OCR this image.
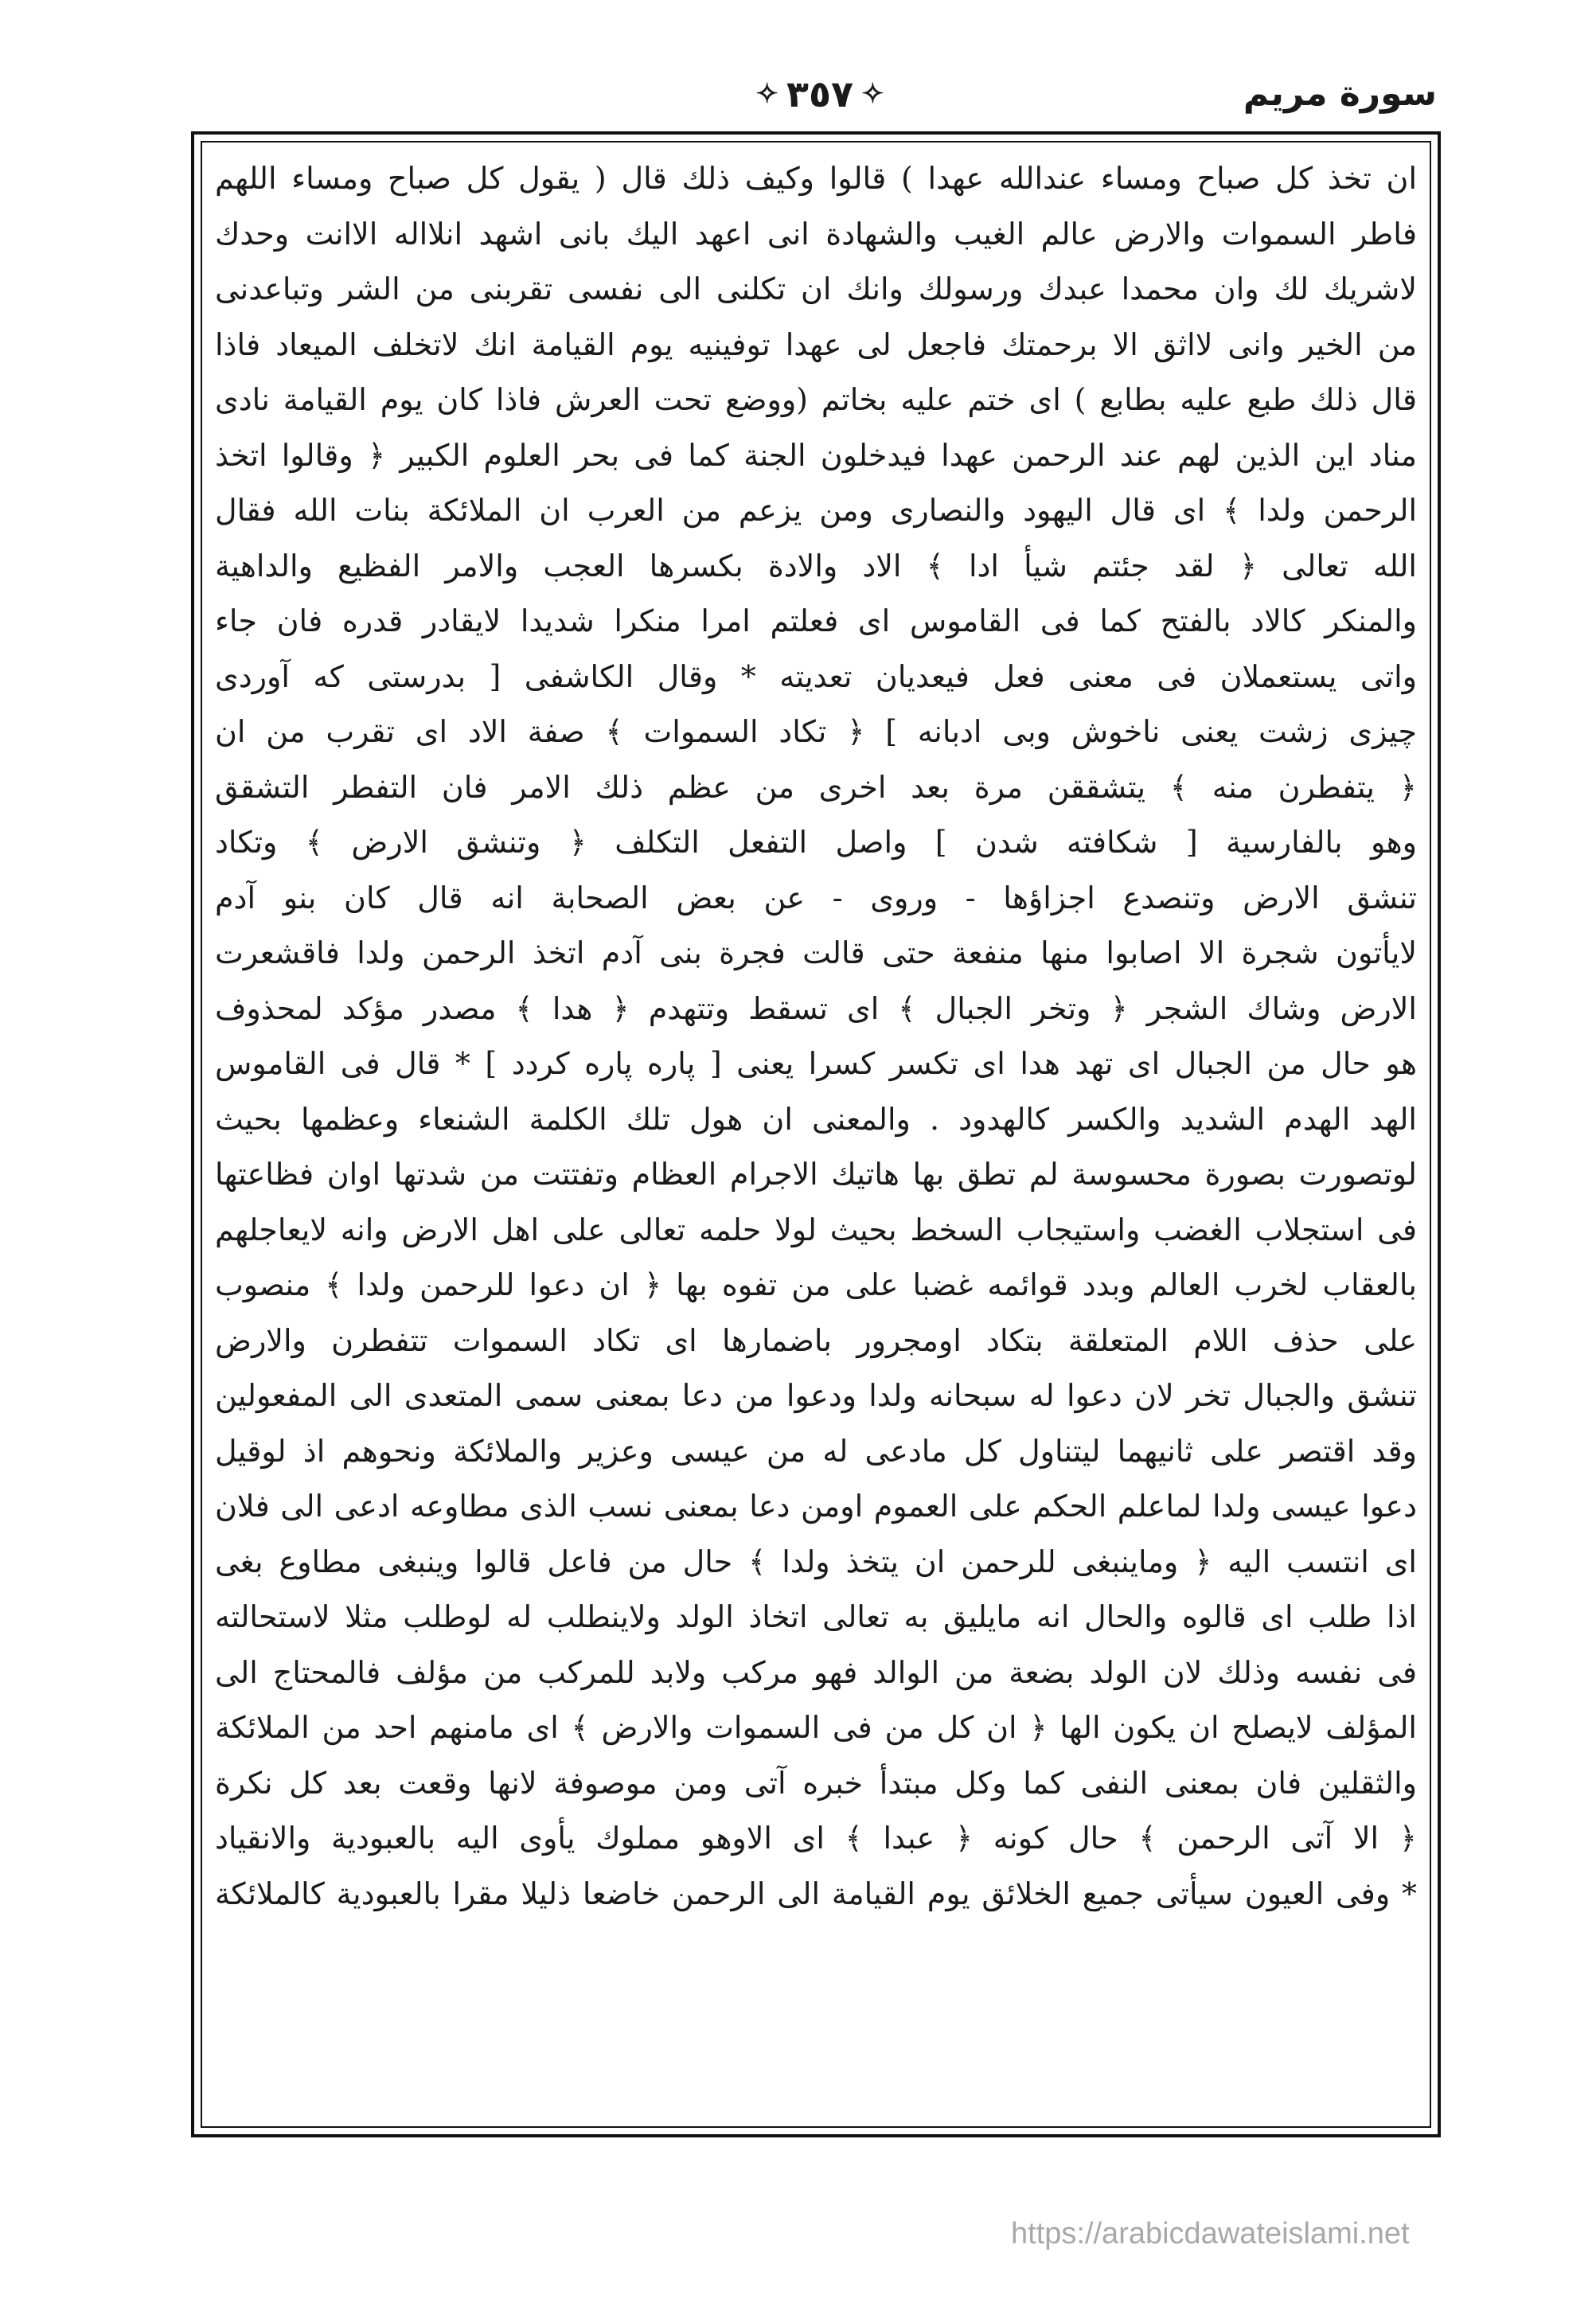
سورة مريم
✧ ٣٥٧ ✧
ان تخذ كل صباح ومساء عندالله عهدا ) قالوا وكيف ذلك قال ( يقول كل صباح ومساء اللهم
فاطر السموات والارض عالم الغيب والشهادة انى اعهد اليك بانى اشهد انلااله الاانت وحدك
لاشريك لك وان محمدا عبدك ورسولك وانك ان تكلنى الى نفسى تقربنى من الشر وتباعدنى
من الخير وانى لااثق الا برحمتك فاجعل لى عهدا توفينيه يوم القيامة انك لاتخلف الميعاد فاذا
قال ذلك طبع عليه بطابع ) اى ختم عليه بخاتم (ووضع تحت العرش فاذا كان يوم القيامة نادى
مناد اين الذين لهم عند الرحمن عهدا فيدخلون الجنة كما فى بحر العلوم الكبير ﴿ وقالوا اتخذ
الرحمن ولدا ﴾ اى قال اليهود والنصارى ومن يزعم من العرب ان الملائكة بنات الله فقال
الله تعالى ﴿ لقد جئتم شيأ ادا ﴾ الاد والادة بكسرها العجب والامر الفظيع والداهية
والمنكر كالاد بالفتح كما فى القاموس اى فعلتم امرا منكرا شديدا لايقادر قدره فان جاء
واتى يستعملان فى معنى فعل فيعديان تعديته * وقال الكاشفى [ بدرستى كه آوردى
چيزى زشت يعنى ناخوش وبى ادبانه ] ﴿ تكاد السموات ﴾ صفة الاد اى تقرب من ان
﴿ يتفطرن منه ﴾ يتشققن مرة بعد اخرى من عظم ذلك الامر فان التفطر التشقق
وهو بالفارسية [ شكافته شدن ] واصل التفعل التكلف ﴿ وتنشق الارض ﴾ وتكاد
تنشق الارض وتنصدع اجزاؤها - وروى - عن بعض الصحابة انه قال كان بنو آدم
لايأتون شجرة الا اصابوا منها منفعة حتى قالت فجرة بنى آدم اتخذ الرحمن ولدا فاقشعرت
الارض وشاك الشجر ﴿ وتخر الجبال ﴾ اى تسقط وتتهدم ﴿ هدا ﴾ مصدر مؤكد لمحذوف
هو حال من الجبال اى تهد هدا اى تكسر كسرا يعنى [ پاره پاره كردد ] * قال فى القاموس
الهد الهدم الشديد والكسر كالهدود . والمعنى ان هول تلك الكلمة الشنعاء وعظمها بحيث
لوتصورت بصورة محسوسة لم تطق بها هاتيك الاجرام العظام وتفتتت من شدتها اوان فظاعتها
فى استجلاب الغضب واستيجاب السخط بحيث لولا حلمه تعالى على اهل الارض وانه لايعاجلهم
بالعقاب لخرب العالم وبدد قوائمه غضبا على من تفوه بها ﴿ ان دعوا للرحمن ولدا ﴾ منصوب
على حذف اللام المتعلقة بتكاد اومجرور باضمارها اى تكاد السموات تتفطرن والارض
تنشق والجبال تخر لان دعوا له سبحانه ولدا ودعوا من دعا بمعنى سمى المتعدى الى المفعولين
وقد اقتصر على ثانيهما ليتناول كل مادعى له من عيسى وعزير والملائكة ونحوهم اذ لوقيل
دعوا عيسى ولدا لماعلم الحكم على العموم اومن دعا بمعنى نسب الذى مطاوعه ادعى الى فلان
اى انتسب اليه ﴿ وماينبغى للرحمن ان يتخذ ولدا ﴾ حال من فاعل قالوا وينبغى مطاوع بغى
اذا طلب اى قالوه والحال انه مايليق به تعالى اتخاذ الولد ولاينطلب له لوطلب مثلا لاستحالته
فى نفسه وذلك لان الولد بضعة من الوالد فهو مركب ولابد للمركب من مؤلف فالمحتاج الى
المؤلف لايصلح ان يكون الها ﴿ ان كل من فى السموات والارض ﴾ اى مامنهم احد من الملائكة
والثقلين فان بمعنى النفى كما وكل مبتدأ خبره آتى ومن موصوفة لانها وقعت بعد كل نكرة
﴿ الا آتى الرحمن ﴾ حال كونه ﴿ عبدا ﴾ اى الاوهو مملوك يأوى اليه بالعبودية والانقياد
* وفى العيون سيأتى جميع الخلائق يوم القيامة الى الرحمن خاضعا ذليلا مقرا بالعبودية كالملائكة
https://arabicdawateislami.net
